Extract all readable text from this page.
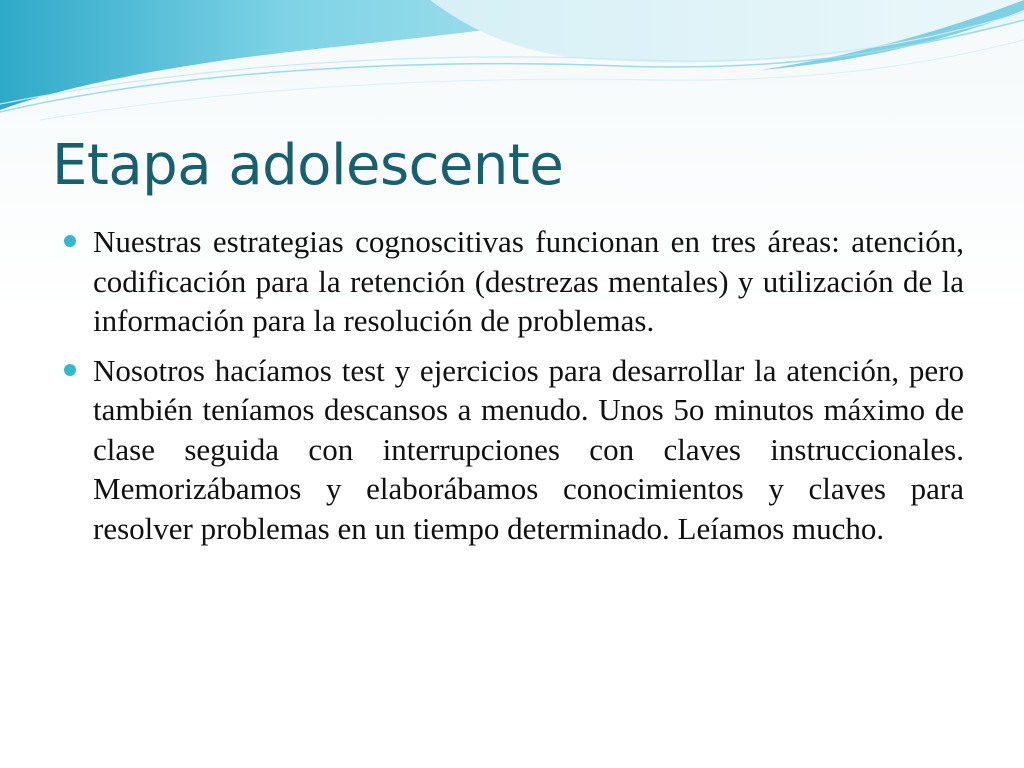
Etapa adolescente
Nuestras estrategias cognoscitivas funcionan en tres áreas: atención, codificación para la retención (destrezas mentales) y utilización de la información para la resolución de problemas.
Nosotros hacíamos test y ejercicios para desarrollar la atención, pero también teníamos descansos a menudo. Unos 5o minutos máximo de clase seguida con interrupciones con claves instruccionales. Memorizábamos y elaborábamos conocimientos y claves para resolver problemas en un tiempo determinado. Leíamos mucho.
